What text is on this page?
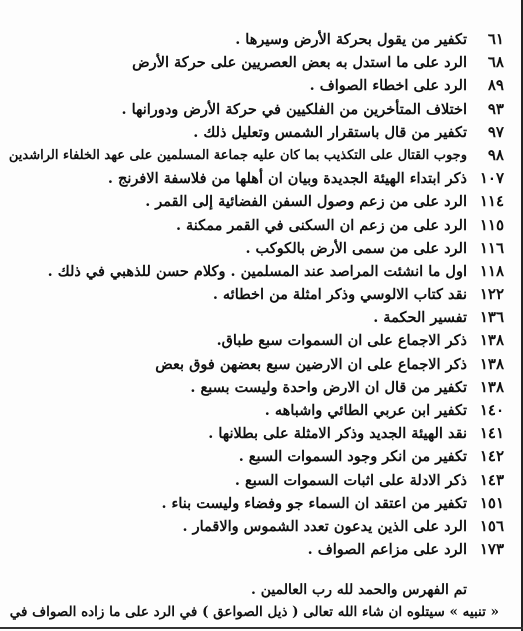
٦١
تكفير من يقول بحركة الأرض وسيرها .
٦٨
الرد على ما استدل به بعض العصريين على حركة الأرض
٨٩
الرد على اخطاء الصواف .
٩٣
اختلاف المتأخرين من الفلكيين في حركة الأرض ودورانها .
٩٧
تكفير من قال باستقرار الشمس وتعليل ذلك .
٩٨
وجوب القتال على التكذيب بما كان عليه جماعة المسلمين على عهد الخلفاء الراشدين
١٠٧
ذكر ابتداء الهيئة الجديدة وبيان ان أهلها من فلاسفة الافرنج .
١١٤
الرد على من زعم وصول السفن الفضائية إلى القمر .
١١٥
الرد على من زعم ان السكنى في القمر ممكنة .
١١٦
الرد على من سمى الأرض بالكوكب .
١١٨
اول ما انشئت المراصد عند المسلمين . وكلام حسن للذهبي في ذلك .
١٢٢
نقد كتاب الالوسي وذكر امثلة من اخطائه .
١٣٦
تفسير الحكمة .
١٣٨
ذكر الاجماع على ان السموات سبع طباق.
١٣٨
ذكر الاجماع على ان الارضين سبع بعضهن فوق بعض
١٣٨
تكفير من قال ان الارض واحدة وليست بسبع .
١٤٠
تكفير ابن عربي الطائي واشباهه .
١٤١
نقد الهيئة الجديد وذكر الامثلة على بطلانها .
١٤٢
تكفير من انكر وجود السموات السبع .
١٤٣
ذكر الادلة على اثبات السموات السبع .
١٥١
تكفير من اعتقد ان السماء جو وفضاء وليست بناء .
١٥٦
الرد على الذين يدعون تعدد الشموس والاقمار .
١٧٣
الرد على مزاعم الصواف .
تم الفهرس والحمد لله رب العالمين .
« تنبيه » سيتلوه ان شاء الله تعالى ( ذيل الصواعق ) في الرد على ما زاده الصواف في
